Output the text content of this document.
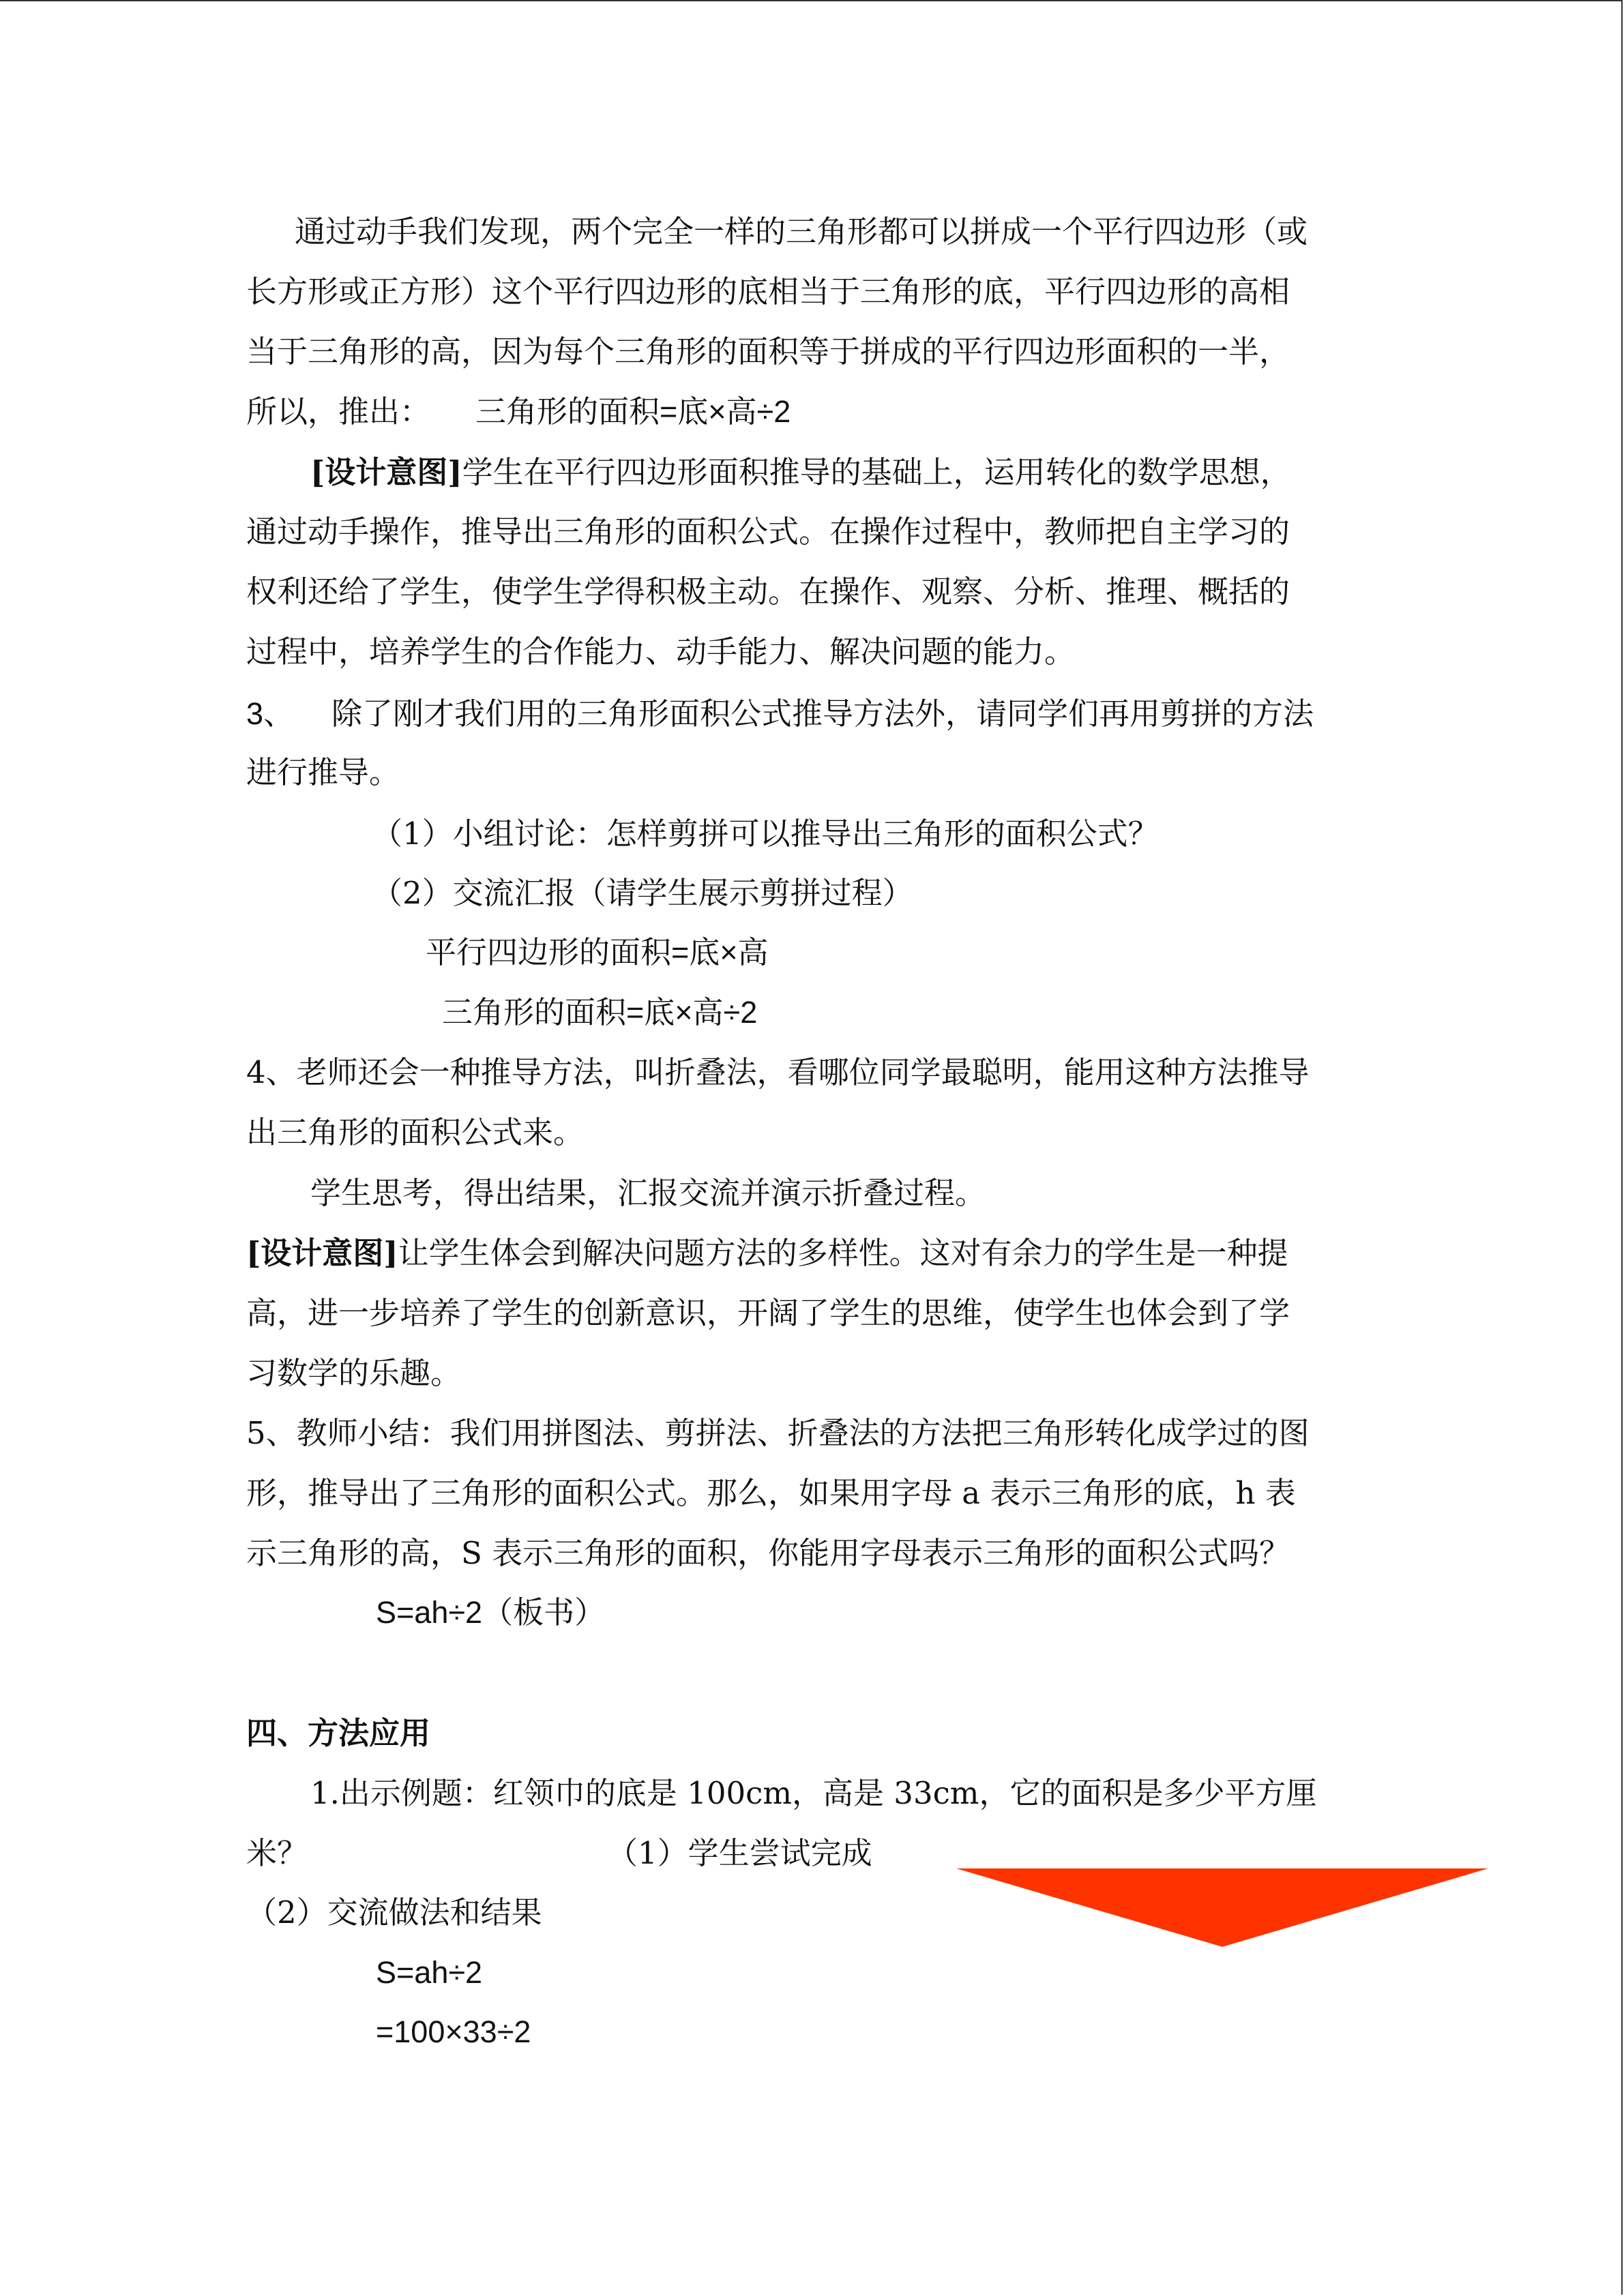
通过动手我们发现，两个完全一样的三角形都可以拼成一个平行四边形（或
长方形或正方形）这个平行四边形的底相当于三角形的底，平行四边形的高相
当于三角形的高，因为每个三角形的面积等于拼成的平行四边形面积的一半，
所以，推出： 三角形的面积=底×高÷2
[设计意图]学生在平行四边形面积推导的基础上，运用转化的数学思想，
通过动手操作，推导出三角形的面积公式。在操作过程中，教师把自主学习的
权利还给了学生，使学生学得积极主动。在操作、观察、分析、推理、概括的
过程中，培养学生的合作能力、动手能力、解决问题的能力。
3、 除了刚才我们用的三角形面积公式推导方法外，请同学们再用剪拼的方法
进行推导。
（1）小组讨论：怎样剪拼可以推导出三角形的面积公式？
（2）交流汇报（请学生展示剪拼过程）
平行四边形的面积=底×高
三角形的面积=底×高÷2
4、老师还会一种推导方法，叫折叠法，看哪位同学最聪明，能用这种方法推导
出三角形的面积公式来。
学生思考，得出结果，汇报交流并演示折叠过程。
[设计意图]让学生体会到解决问题方法的多样性。这对有余力的学生是一种提
高，进一步培养了学生的创新意识，开阔了学生的思维，使学生也体会到了学
习数学的乐趣。
5、教师小结：我们用拼图法、剪拼法、折叠法的方法把三角形转化成学过的图
形，推导出了三角形的面积公式。那么，如果用字母 a 表示三角形的底，h 表
示三角形的高，S 表示三角形的面积，你能用字母表示三角形的面积公式吗？
S=ah÷2（板书）
四、方法应用
1.出示例题：红领巾的底是 100cm，高是 33cm，它的面积是多少平方厘
米？	（1）学生尝试完成
（2）交流做法和结果
S=ah÷2
=100×33÷2
